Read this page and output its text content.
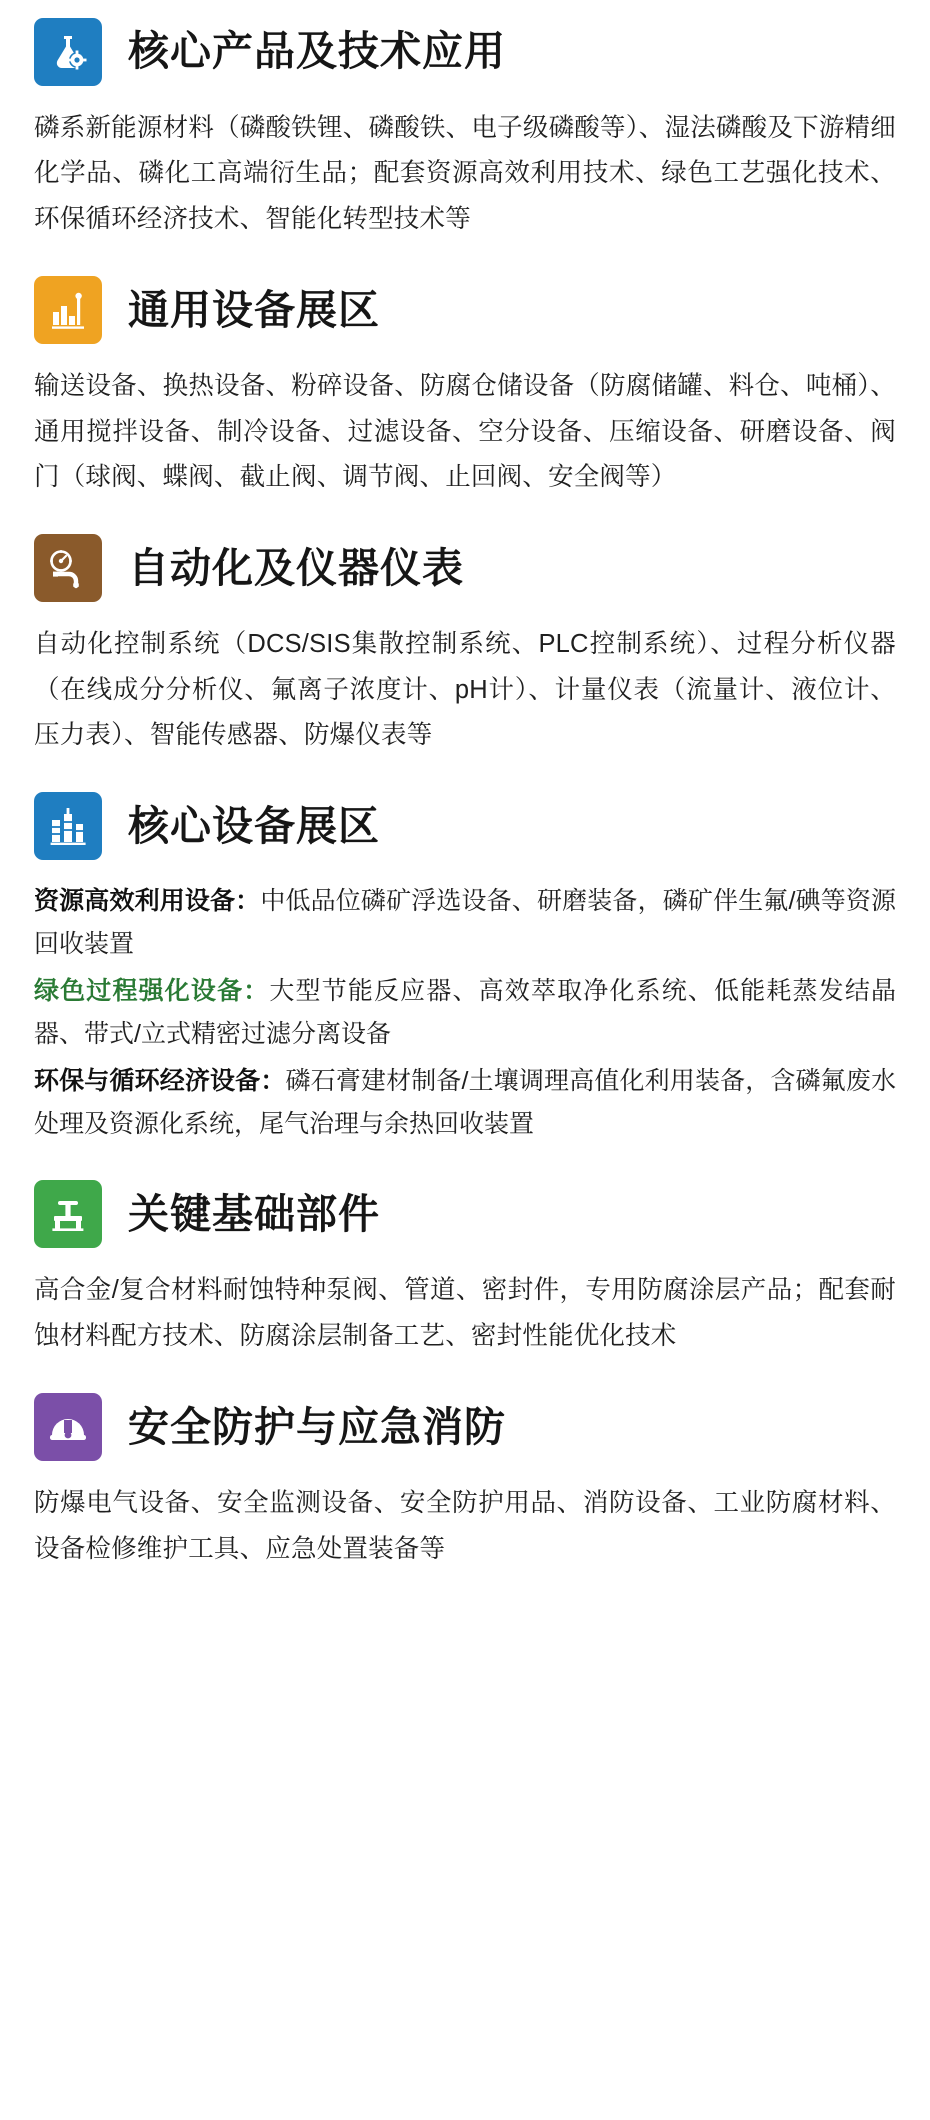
核心产品及技术应用
磷系新能源材料（磷酸铁锂、磷酸铁、电子级磷酸等）、湿法磷酸及下游精细化学品、磷化工高端衍生品；配套资源高效利用技术、绿色工艺强化技术、环保循环经济技术、智能化转型技术等
通用设备展区
输送设备、换热设备、粉碎设备、防腐仓储设备（防腐储罐、料仓、吨桶）、通用搅拌设备、制冷设备、过滤设备、空分设备、压缩设备、研磨设备、阀门（球阀、蝶阀、截止阀、调节阀、止回阀、安全阀等）
自动化及仪器仪表
自动化控制系统（DCS/SIS集散控制系统、PLC控制系统）、过程分析仪器（在线成分分析仪、氟离子浓度计、pH计）、计量仪表（流量计、液位计、压力表）、智能传感器、防爆仪表等
核心设备展区
资源高效利用设备：中低品位磷矿浮选设备、研磨装备，磷矿伴生氟/碘等资源回收装置
绿色过程强化设备：大型节能反应器、高效萃取净化系统、低能耗蒸发结晶器、带式/立式精密过滤分离设备
环保与循环经济设备：磷石膏建材制备/土壤调理高值化利用装备，含磷氟废水处理及资源化系统，尾气治理与余热回收装置
关键基础部件
高合金/复合材料耐蚀特种泵阀、管道、密封件，专用防腐涂层产品；配套耐蚀材料配方技术、防腐涂层制备工艺、密封性能优化技术
安全防护与应急消防
防爆电气设备、安全监测设备、安全防护用品、消防设备、工业防腐材料、设备检修维护工具、应急处置装备等
